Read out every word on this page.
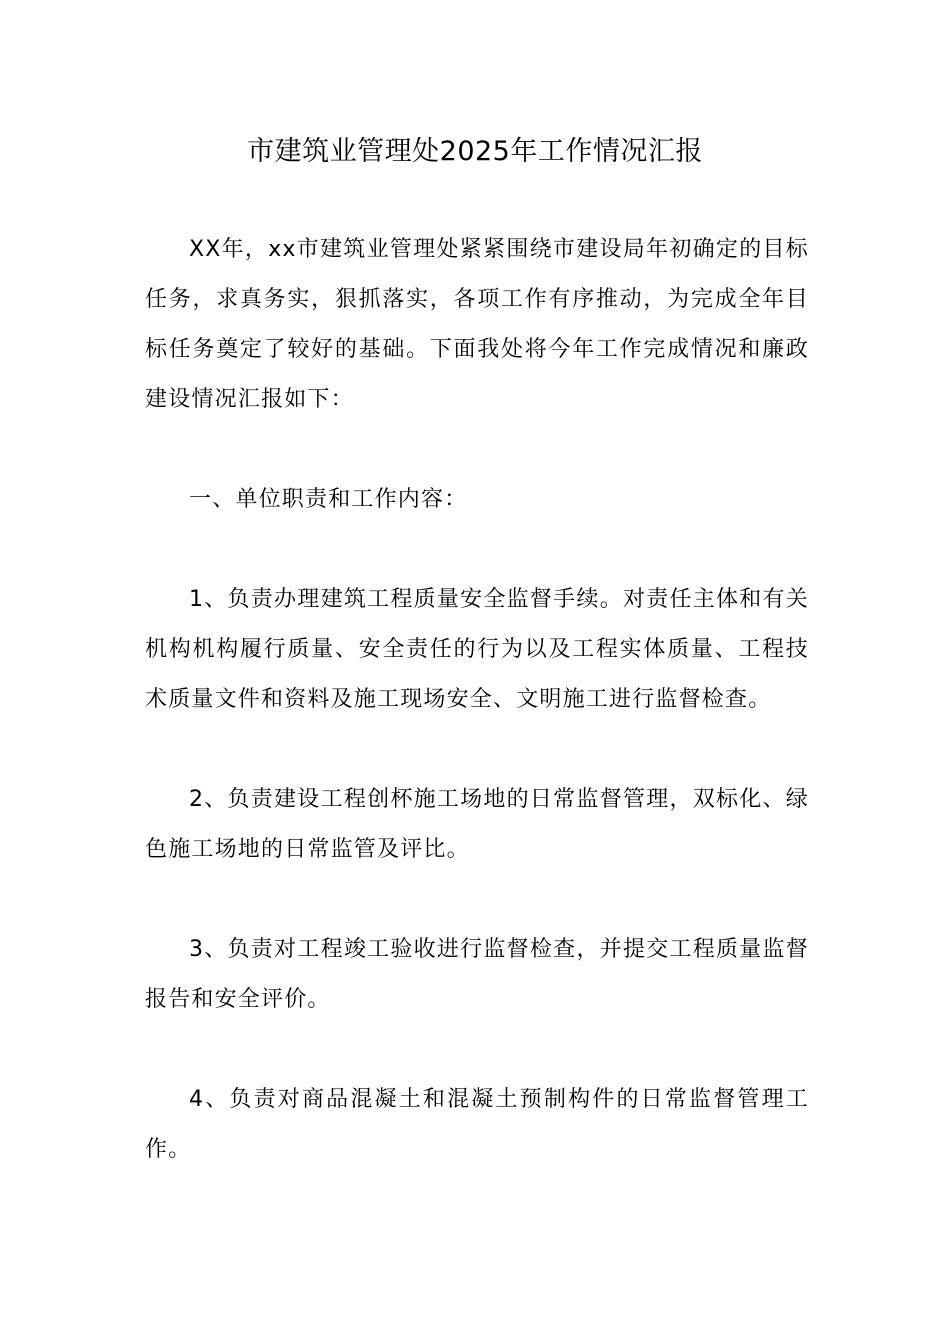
市建筑业管理处2025年工作情况汇报

XX年，xx市建筑业管理处紧紧围绕市建设局年初确定的目标任务，求真务实，狠抓落实，各项工作有序推动，为完成全年目标任务奠定了较好的基础。下面我处将今年工作完成情况和廉政建设情况汇报如下：

一、单位职责和工作内容：

1、负责办理建筑工程质量安全监督手续。对责任主体和有关机构机构履行质量、安全责任的行为以及工程实体质量、工程技术质量文件和资料及施工现场安全、文明施工进行监督检查。

2、负责建设工程创杯施工场地的日常监督管理，双标化、绿色施工场地的日常监管及评比。

3、负责对工程竣工验收进行监督检查，并提交工程质量监督报告和安全评价。

4、负责对商品混凝土和混凝土预制构件的日常监督管理工作。
